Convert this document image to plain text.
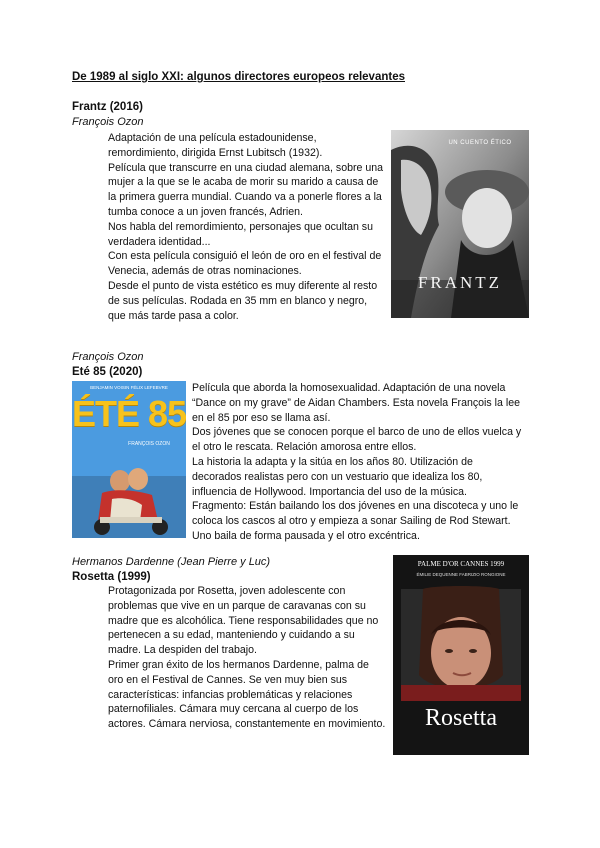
De 1989 al siglo XXI: algunos directores europeos relevantes
Frantz (2016)
François Ozon

Adaptación de una película estadounidense, remordimiento, dirigida Ernst Lubitsch (1932).

Película que transcurre en una ciudad alemana, sobre una mujer a la que se le acaba de morir su marido a causa de la primera guerra mundial. Cuando va a ponerle flores a la tumba conoce a un joven francés, Adrien.

Nos habla del remordimiento, personajes que ocultan su verdadera identidad...

Con esta película consiguió el león de oro en el festival de Venecia, además de otras nominaciones.

Desde el punto de vista estético es muy diferente al resto de sus películas. Rodada en 35 mm en blanco y negro, que más tarde pasa a color.

UN CUENTO ÉTICO
FRANTZ
François Ozon
Eté 85 (2020)
BENJAMIN VOISIN FÉLIX LEFEBVRE
ÉTÉ 85
FRANÇOIS OZON

Película que aborda la homosexualidad. Adaptación de una novela “Dance on my grave” de Aidan Chambers. Esta novela François la lee en el 85 por eso se llama así.

Dos jóvenes que se conocen porque el barco de uno de ellos vuelca y el otro le rescata. Relación amorosa entre ellos.

La historia la adapta y la sitúa en los años 80. Utilización de decorados realistas pero con un vestuario que idealiza los 80, influencia de Hollywood. Importancia del uso de la música.

Fragmento: Están bailando los dos jóvenes en una discoteca y uno le coloca los cascos al otro y empieza a sonar Sailing de Rod Stewart. Uno baila de forma pausada y el otro excéntrica.

Hermanos Dardenne (Jean Pierre y Luc)
Rosetta (1999)

Protagonizada por Rosetta, joven adolescente con problemas que vive en un parque de caravanas con su madre que es alcohólica. Tiene responsabilidades que no pertenecen a su edad, manteniendo y cuidando a su madre. La despiden del trabajo.

Primer gran éxito de los hermanos Dardenne, palma de oro en el Festival de Cannes. Se ven muy bien sus características: infancias problemáticas y relaciones paternofiliales. Cámara muy cercana al cuerpo de los actores. Cámara nerviosa, constantemente en movimiento.

PALME D'OR CANNES 1999
ÉMILIE DEQUENNE FABRIZIO RONGIONE
Rosetta
